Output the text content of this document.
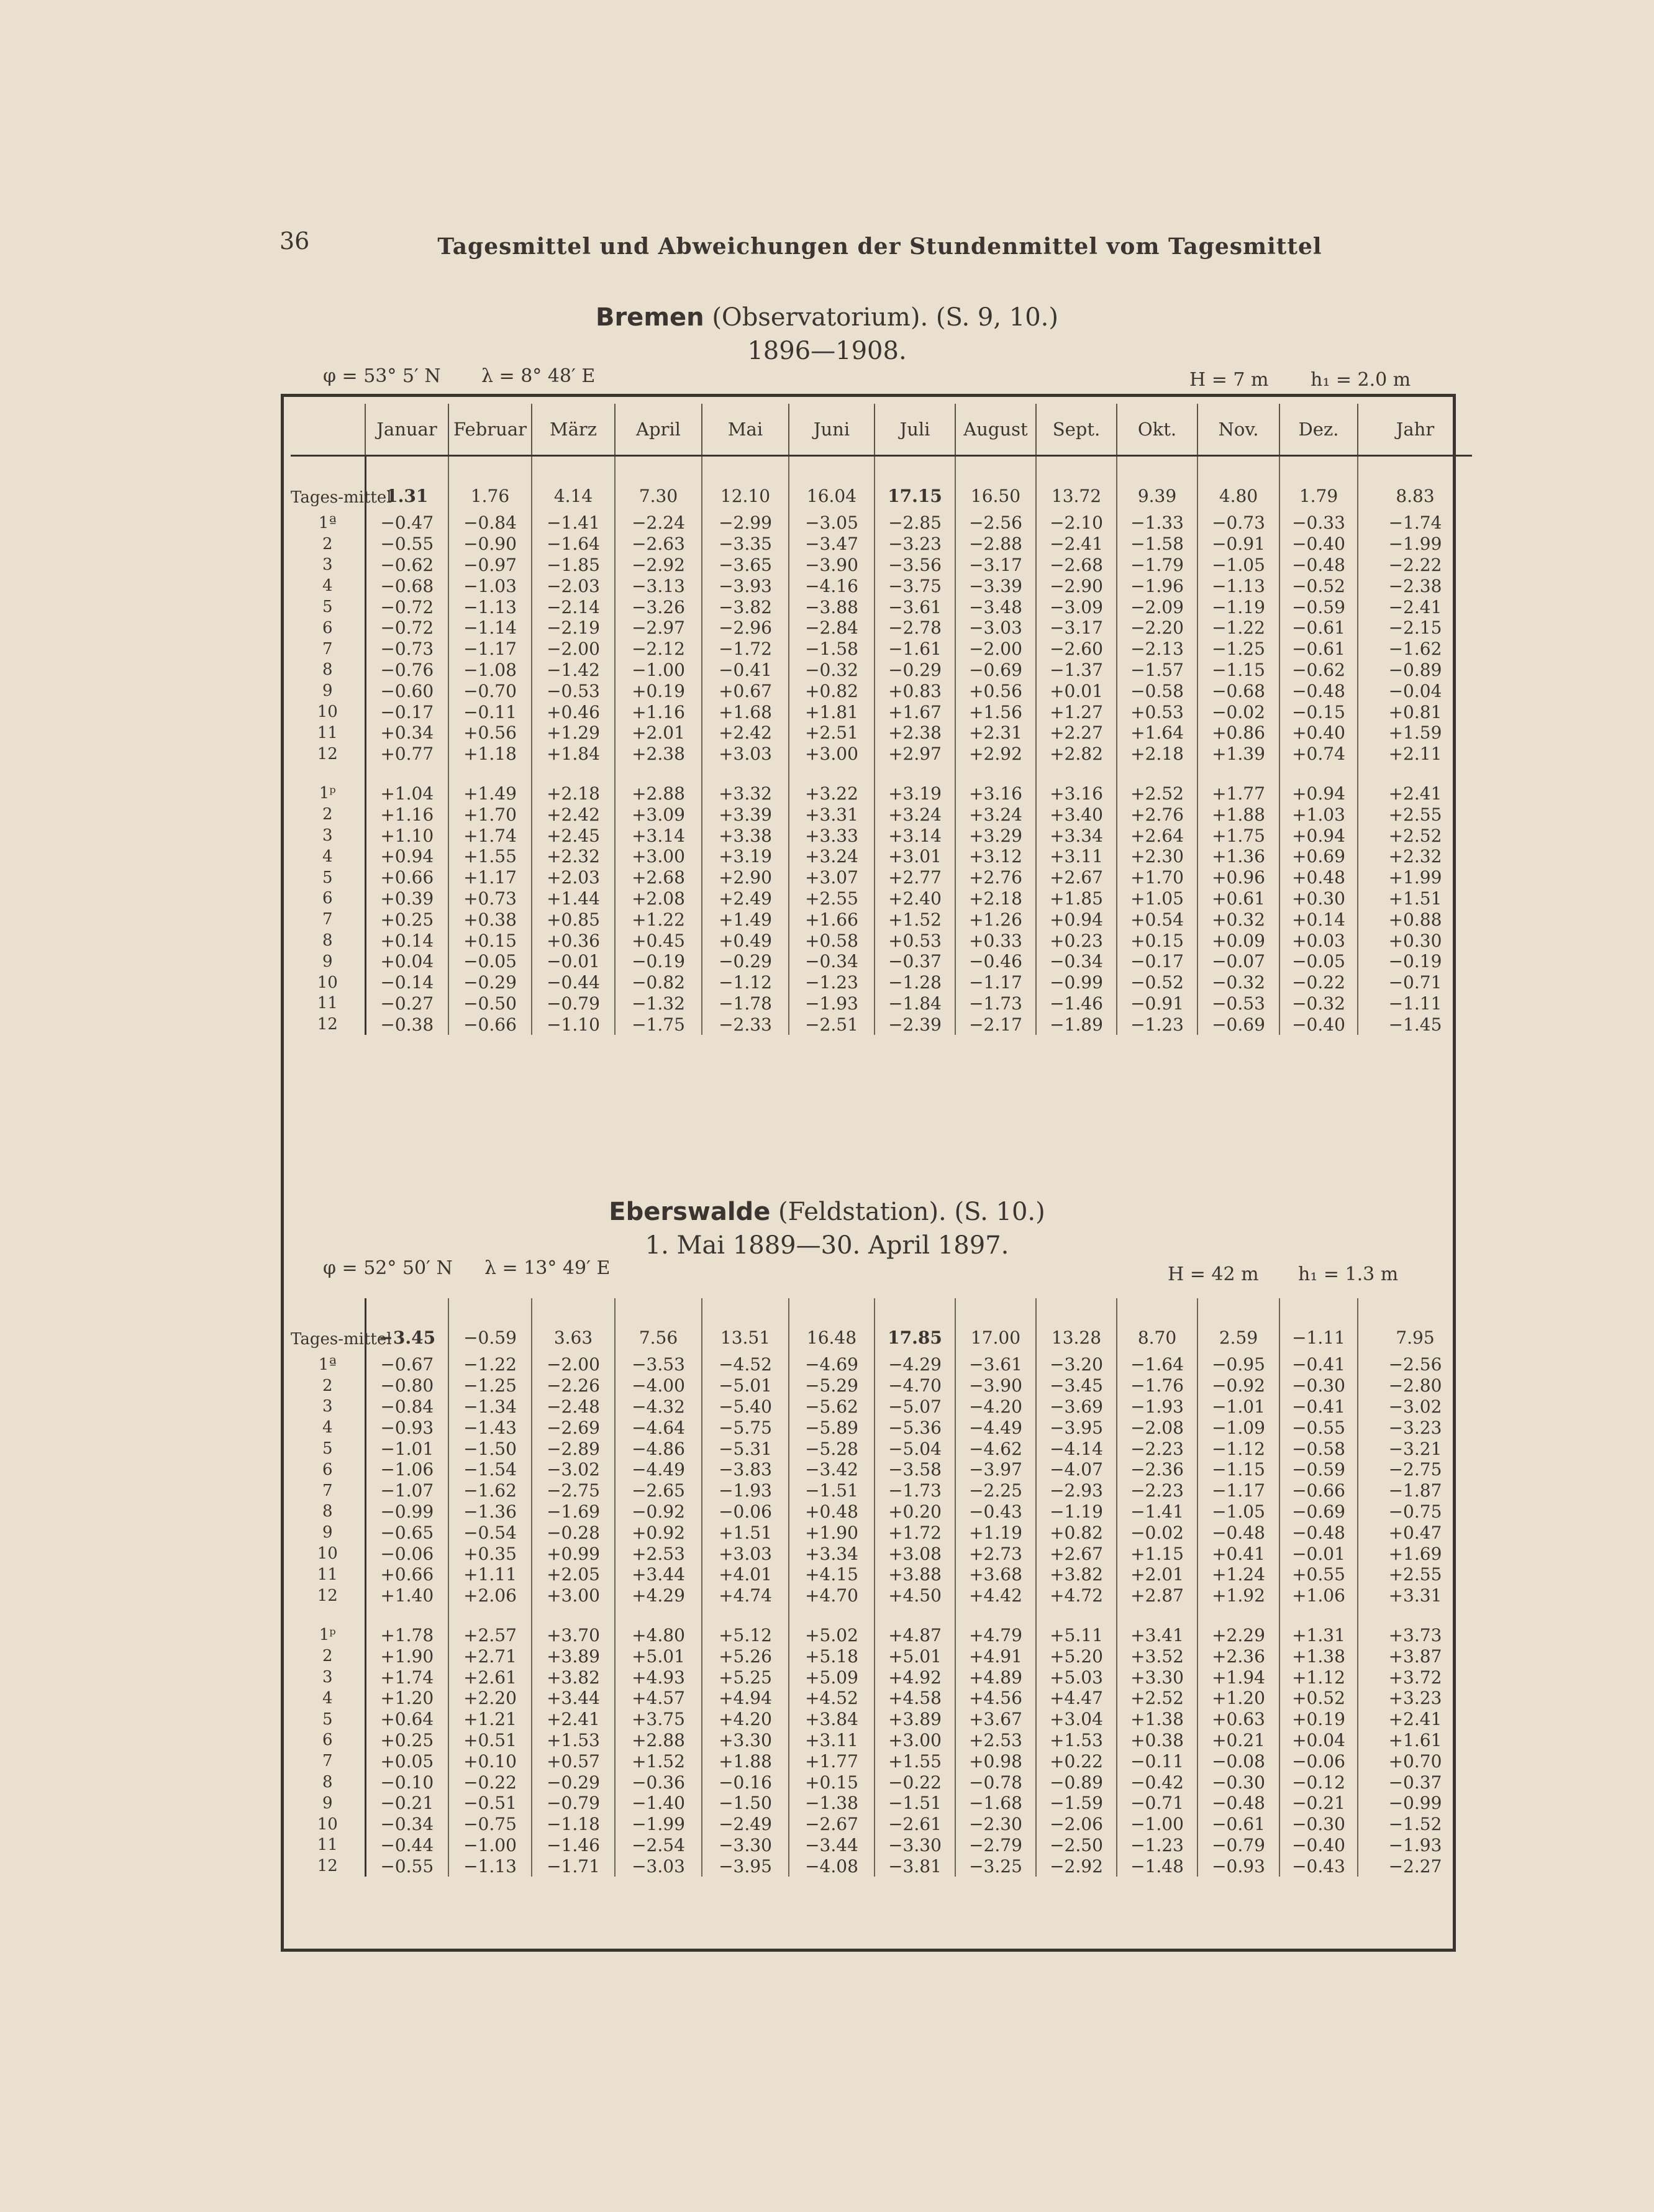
36	Tagesmittel und Abweichungen der Stundenmittel vom Tagesmittel
Bremen (Observatorium). (S. 9, 10.)
1896—1908.
φ = 53° 5′ N λ = 8° 48′ E	H = 7 m h₁ = 2.0 m
	Januar	Februar	März	April	Mai	Juni	Juli	August	Sept.	Okt.	Nov.	Dez.	Jahr

Tages-mittel	1.31	1.76	4.14	7.30	12.10	16.04	17.15	16.50	13.72	9.39	4.80	1.79	8.83
1ª	−0.47	−0.84	−1.41	−2.24	−2.99	−3.05	−2.85	−2.56	−2.10	−1.33	−0.73	−0.33	−1.74
2	−0.55	−0.90	−1.64	−2.63	−3.35	−3.47	−3.23	−2.88	−2.41	−1.58	−0.91	−0.40	−1.99
3	−0.62	−0.97	−1.85	−2.92	−3.65	−3.90	−3.56	−3.17	−2.68	−1.79	−1.05	−0.48	−2.22
4	−0.68	−1.03	−2.03	−3.13	−3.93	−4.16	−3.75	−3.39	−2.90	−1.96	−1.13	−0.52	−2.38
5	−0.72	−1.13	−2.14	−3.26	−3.82	−3.88	−3.61	−3.48	−3.09	−2.09	−1.19	−0.59	−2.41
6	−0.72	−1.14	−2.19	−2.97	−2.96	−2.84	−2.78	−3.03	−3.17	−2.20	−1.22	−0.61	−2.15
7	−0.73	−1.17	−2.00	−2.12	−1.72	−1.58	−1.61	−2.00	−2.60	−2.13	−1.25	−0.61	−1.62
8	−0.76	−1.08	−1.42	−1.00	−0.41	−0.32	−0.29	−0.69	−1.37	−1.57	−1.15	−0.62	−0.89
9	−0.60	−0.70	−0.53	+0.19	+0.67	+0.82	+0.83	+0.56	+0.01	−0.58	−0.68	−0.48	−0.04
10	−0.17	−0.11	+0.46	+1.16	+1.68	+1.81	+1.67	+1.56	+1.27	+0.53	−0.02	−0.15	+0.81
11	+0.34	+0.56	+1.29	+2.01	+2.42	+2.51	+2.38	+2.31	+2.27	+1.64	+0.86	+0.40	+1.59
12	+0.77	+1.18	+1.84	+2.38	+3.03	+3.00	+2.97	+2.92	+2.82	+2.18	+1.39	+0.74	+2.11

1ᵖ	+1.04	+1.49	+2.18	+2.88	+3.32	+3.22	+3.19	+3.16	+3.16	+2.52	+1.77	+0.94	+2.41
2	+1.16	+1.70	+2.42	+3.09	+3.39	+3.31	+3.24	+3.24	+3.40	+2.76	+1.88	+1.03	+2.55
3	+1.10	+1.74	+2.45	+3.14	+3.38	+3.33	+3.14	+3.29	+3.34	+2.64	+1.75	+0.94	+2.52
4	+0.94	+1.55	+2.32	+3.00	+3.19	+3.24	+3.01	+3.12	+3.11	+2.30	+1.36	+0.69	+2.32
5	+0.66	+1.17	+2.03	+2.68	+2.90	+3.07	+2.77	+2.76	+2.67	+1.70	+0.96	+0.48	+1.99
6	+0.39	+0.73	+1.44	+2.08	+2.49	+2.55	+2.40	+2.18	+1.85	+1.05	+0.61	+0.30	+1.51
7	+0.25	+0.38	+0.85	+1.22	+1.49	+1.66	+1.52	+1.26	+0.94	+0.54	+0.32	+0.14	+0.88
8	+0.14	+0.15	+0.36	+0.45	+0.49	+0.58	+0.53	+0.33	+0.23	+0.15	+0.09	+0.03	+0.30
9	+0.04	−0.05	−0.01	−0.19	−0.29	−0.34	−0.37	−0.46	−0.34	−0.17	−0.07	−0.05	−0.19
10	−0.14	−0.29	−0.44	−0.82	−1.12	−1.23	−1.28	−1.17	−0.99	−0.52	−0.32	−0.22	−0.71
11	−0.27	−0.50	−0.79	−1.32	−1.78	−1.93	−1.84	−1.73	−1.46	−0.91	−0.53	−0.32	−1.11
12	−0.38	−0.66	−1.10	−1.75	−2.33	−2.51	−2.39	−2.17	−1.89	−1.23	−0.69	−0.40	−1.45
Eberswalde (Feldstation). (S. 10.)
1. Mai 1889—30. April 1897.
φ = 52° 50′ N λ = 13° 49′ E	H = 42 m h₁ = 1.3 m
Tages-mittel	−3.45	−0.59	3.63	7.56	13.51	16.48	17.85	17.00	13.28	8.70	2.59	−1.11	7.95
1ª	−0.67	−1.22	−2.00	−3.53	−4.52	−4.69	−4.29	−3.61	−3.20	−1.64	−0.95	−0.41	−2.56
2	−0.80	−1.25	−2.26	−4.00	−5.01	−5.29	−4.70	−3.90	−3.45	−1.76	−0.92	−0.30	−2.80
3	−0.84	−1.34	−2.48	−4.32	−5.40	−5.62	−5.07	−4.20	−3.69	−1.93	−1.01	−0.41	−3.02
4	−0.93	−1.43	−2.69	−4.64	−5.75	−5.89	−5.36	−4.49	−3.95	−2.08	−1.09	−0.55	−3.23
5	−1.01	−1.50	−2.89	−4.86	−5.31	−5.28	−5.04	−4.62	−4.14	−2.23	−1.12	−0.58	−3.21
6	−1.06	−1.54	−3.02	−4.49	−3.83	−3.42	−3.58	−3.97	−4.07	−2.36	−1.15	−0.59	−2.75
7	−1.07	−1.62	−2.75	−2.65	−1.93	−1.51	−1.73	−2.25	−2.93	−2.23	−1.17	−0.66	−1.87
8	−0.99	−1.36	−1.69	−0.92	−0.06	+0.48	+0.20	−0.43	−1.19	−1.41	−1.05	−0.69	−0.75
9	−0.65	−0.54	−0.28	+0.92	+1.51	+1.90	+1.72	+1.19	+0.82	−0.02	−0.48	−0.48	+0.47
10	−0.06	+0.35	+0.99	+2.53	+3.03	+3.34	+3.08	+2.73	+2.67	+1.15	+0.41	−0.01	+1.69
11	+0.66	+1.11	+2.05	+3.44	+4.01	+4.15	+3.88	+3.68	+3.82	+2.01	+1.24	+0.55	+2.55
12	+1.40	+2.06	+3.00	+4.29	+4.74	+4.70	+4.50	+4.42	+4.72	+2.87	+1.92	+1.06	+3.31

1ᵖ	+1.78	+2.57	+3.70	+4.80	+5.12	+5.02	+4.87	+4.79	+5.11	+3.41	+2.29	+1.31	+3.73
2	+1.90	+2.71	+3.89	+5.01	+5.26	+5.18	+5.01	+4.91	+5.20	+3.52	+2.36	+1.38	+3.87
3	+1.74	+2.61	+3.82	+4.93	+5.25	+5.09	+4.92	+4.89	+5.03	+3.30	+1.94	+1.12	+3.72
4	+1.20	+2.20	+3.44	+4.57	+4.94	+4.52	+4.58	+4.56	+4.47	+2.52	+1.20	+0.52	+3.23
5	+0.64	+1.21	+2.41	+3.75	+4.20	+3.84	+3.89	+3.67	+3.04	+1.38	+0.63	+0.19	+2.41
6	+0.25	+0.51	+1.53	+2.88	+3.30	+3.11	+3.00	+2.53	+1.53	+0.38	+0.21	+0.04	+1.61
7	+0.05	+0.10	+0.57	+1.52	+1.88	+1.77	+1.55	+0.98	+0.22	−0.11	−0.08	−0.06	+0.70
8	−0.10	−0.22	−0.29	−0.36	−0.16	+0.15	−0.22	−0.78	−0.89	−0.42	−0.30	−0.12	−0.37
9	−0.21	−0.51	−0.79	−1.40	−1.50	−1.38	−1.51	−1.68	−1.59	−0.71	−0.48	−0.21	−0.99
10	−0.34	−0.75	−1.18	−1.99	−2.49	−2.67	−2.61	−2.30	−2.06	−1.00	−0.61	−0.30	−1.52
11	−0.44	−1.00	−1.46	−2.54	−3.30	−3.44	−3.30	−2.79	−2.50	−1.23	−0.79	−0.40	−1.93
12	−0.55	−1.13	−1.71	−3.03	−3.95	−4.08	−3.81	−3.25	−2.92	−1.48	−0.93	−0.43	−2.27
